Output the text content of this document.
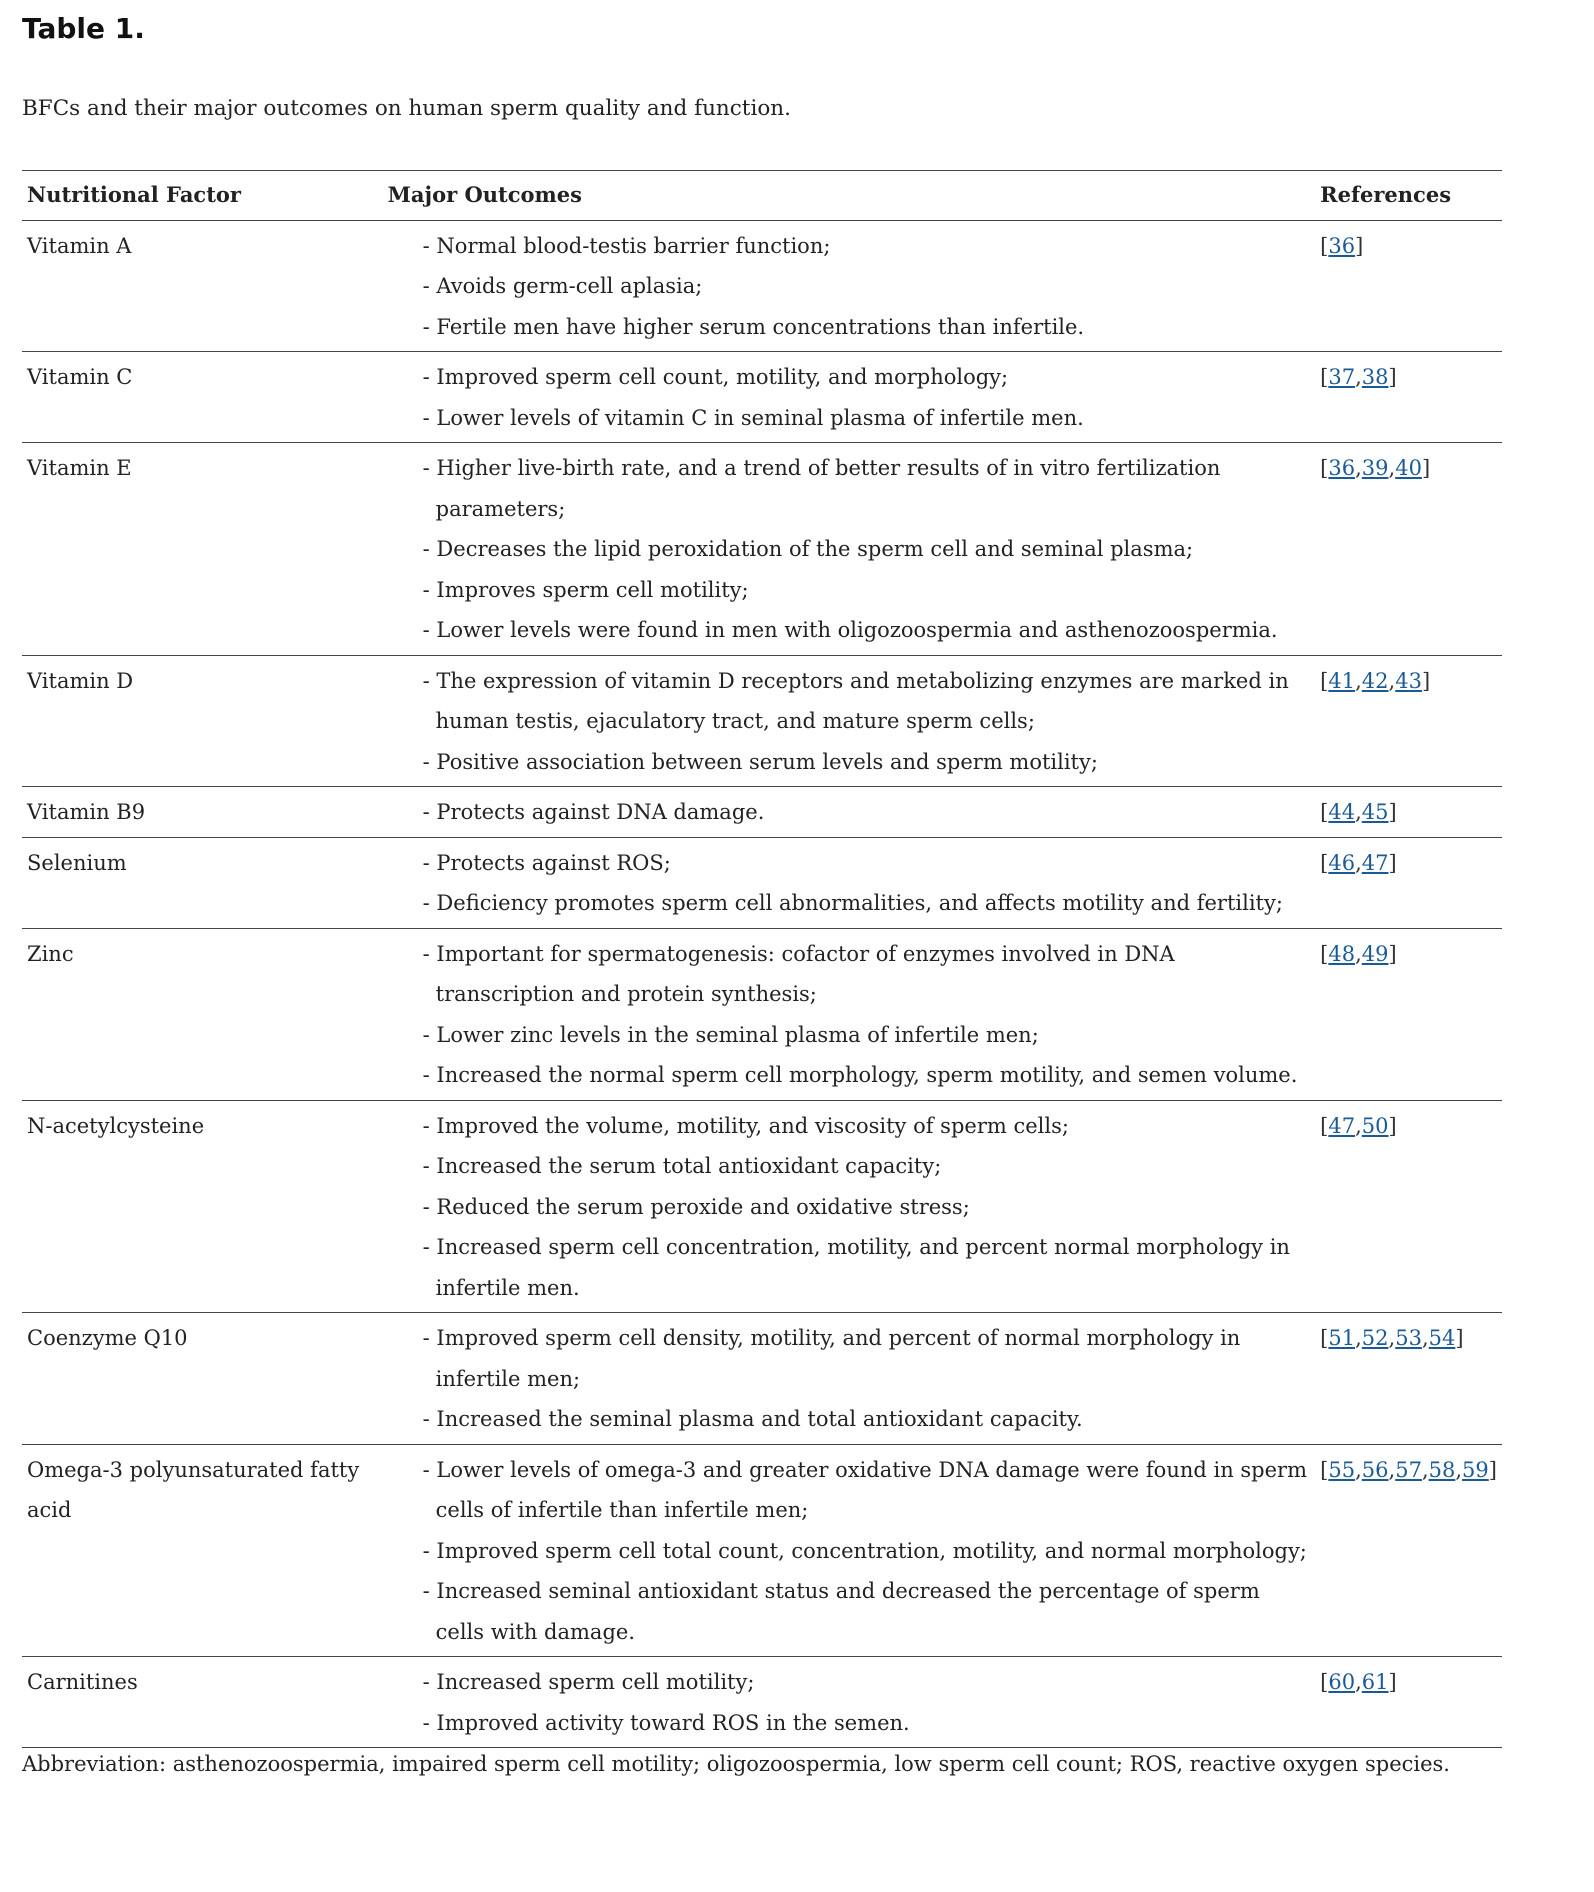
Table 1.
BFCs and their major outcomes on human sperm quality and function.
Nutritional Factor	Major Outcomes	References
Vitamin A	- Normal blood-testis barrier function;
- Avoids germ-cell aplasia;
- Fertile men have higher serum concentrations than infertile.	[36]
Vitamin C	- Improved sperm cell count, motility, and morphology;
- Lower levels of vitamin C in seminal plasma of infertile men.	[37,38]
Vitamin E	- Higher live-birth rate, and a trend of better results of in vitro fertilization parameters;
- Decreases the lipid peroxidation of the sperm cell and seminal plasma;
- Improves sperm cell motility;
- Lower levels were found in men with oligozoospermia and asthenozoospermia.	[36,39,40]
Vitamin D	- The expression of vitamin D receptors and metabolizing enzymes are marked in human testis, ejaculatory tract, and mature sperm cells;
- Positive association between serum levels and sperm motility;	[41,42,43]
Vitamin B9	- Protects against DNA damage.	[44,45]
Selenium	- Protects against ROS;
- Deficiency promotes sperm cell abnormalities, and affects motility and fertility;	[46,47]
Zinc	- Important for spermatogenesis: cofactor of enzymes involved in DNA transcription and protein synthesis;
- Lower zinc levels in the seminal plasma of infertile men;
- Increased the normal sperm cell morphology, sperm motility, and semen volume.	[48,49]
N-acetylcysteine	- Improved the volume, motility, and viscosity of sperm cells;
- Increased the serum total antioxidant capacity;
- Reduced the serum peroxide and oxidative stress;
- Increased sperm cell concentration, motility, and percent normal morphology in infertile men.	[47,50]
Coenzyme Q10	- Improved sperm cell density, motility, and percent of normal morphology in infertile men;
- Increased the seminal plasma and total antioxidant capacity.	[51,52,53,54]
Omega-3 polyunsaturated fatty acid	- Lower levels of omega-3 and greater oxidative DNA damage were found in sperm cells of infertile than infertile men;
- Improved sperm cell total count, concentration, motility, and normal morphology;
- Increased seminal antioxidant status and decreased the percentage of sperm cells with damage.	[55,56,57,58,59]
Carnitines	- Increased sperm cell motility;
- Improved activity toward ROS in the semen.	[60,61]
Abbreviation: asthenozoospermia, impaired sperm cell motility; oligozoospermia, low sperm cell count; ROS, reactive oxygen species.
